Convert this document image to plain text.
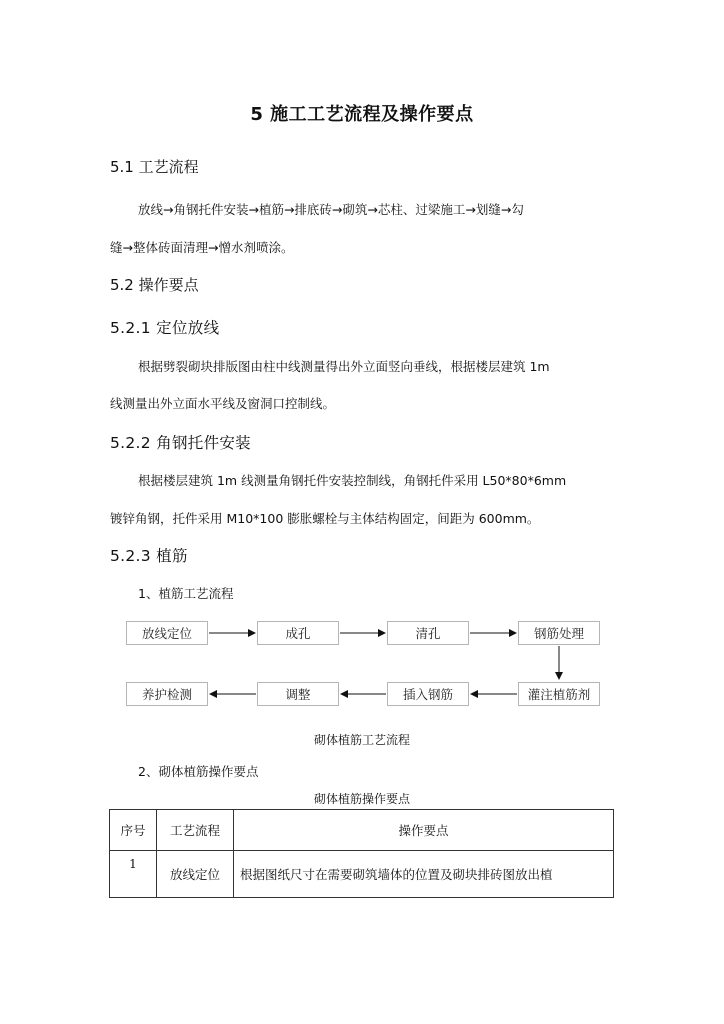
5 施工工艺流程及操作要点
5.1 工艺流程
放线→角钢托件安装→植筋→排底砖→砌筑→芯柱、过梁施工→划缝→勾
缝→整体砖面清理→憎水剂喷涂。
5.2 操作要点
5.2.1 定位放线
根据劈裂砌块排版图由柱中线测量得出外立面竖向垂线，根据楼层建筑 1m
线测量出外立面水平线及窗洞口控制线。
5.2.2 角钢托件安装
根据楼层建筑 1m 线测量角钢托件安装控制线，角钢托件采用 L50*80*6mm
镀锌角钢，托件采用 M10*100 膨胀螺栓与主体结构固定，间距为 600mm。
5.2.3 植筋
1、植筋工艺流程
放线定位	成孔	清孔	钢筋处理
养护检测	调整	插入钢筋	灌注植筋剂
砌体植筋工艺流程
2、砌体植筋操作要点
砌体植筋操作要点
序号	工艺流程	操作要点
1	放线定位	根据图纸尺寸在需要砌筑墙体的位置及砌块排砖图放出植
